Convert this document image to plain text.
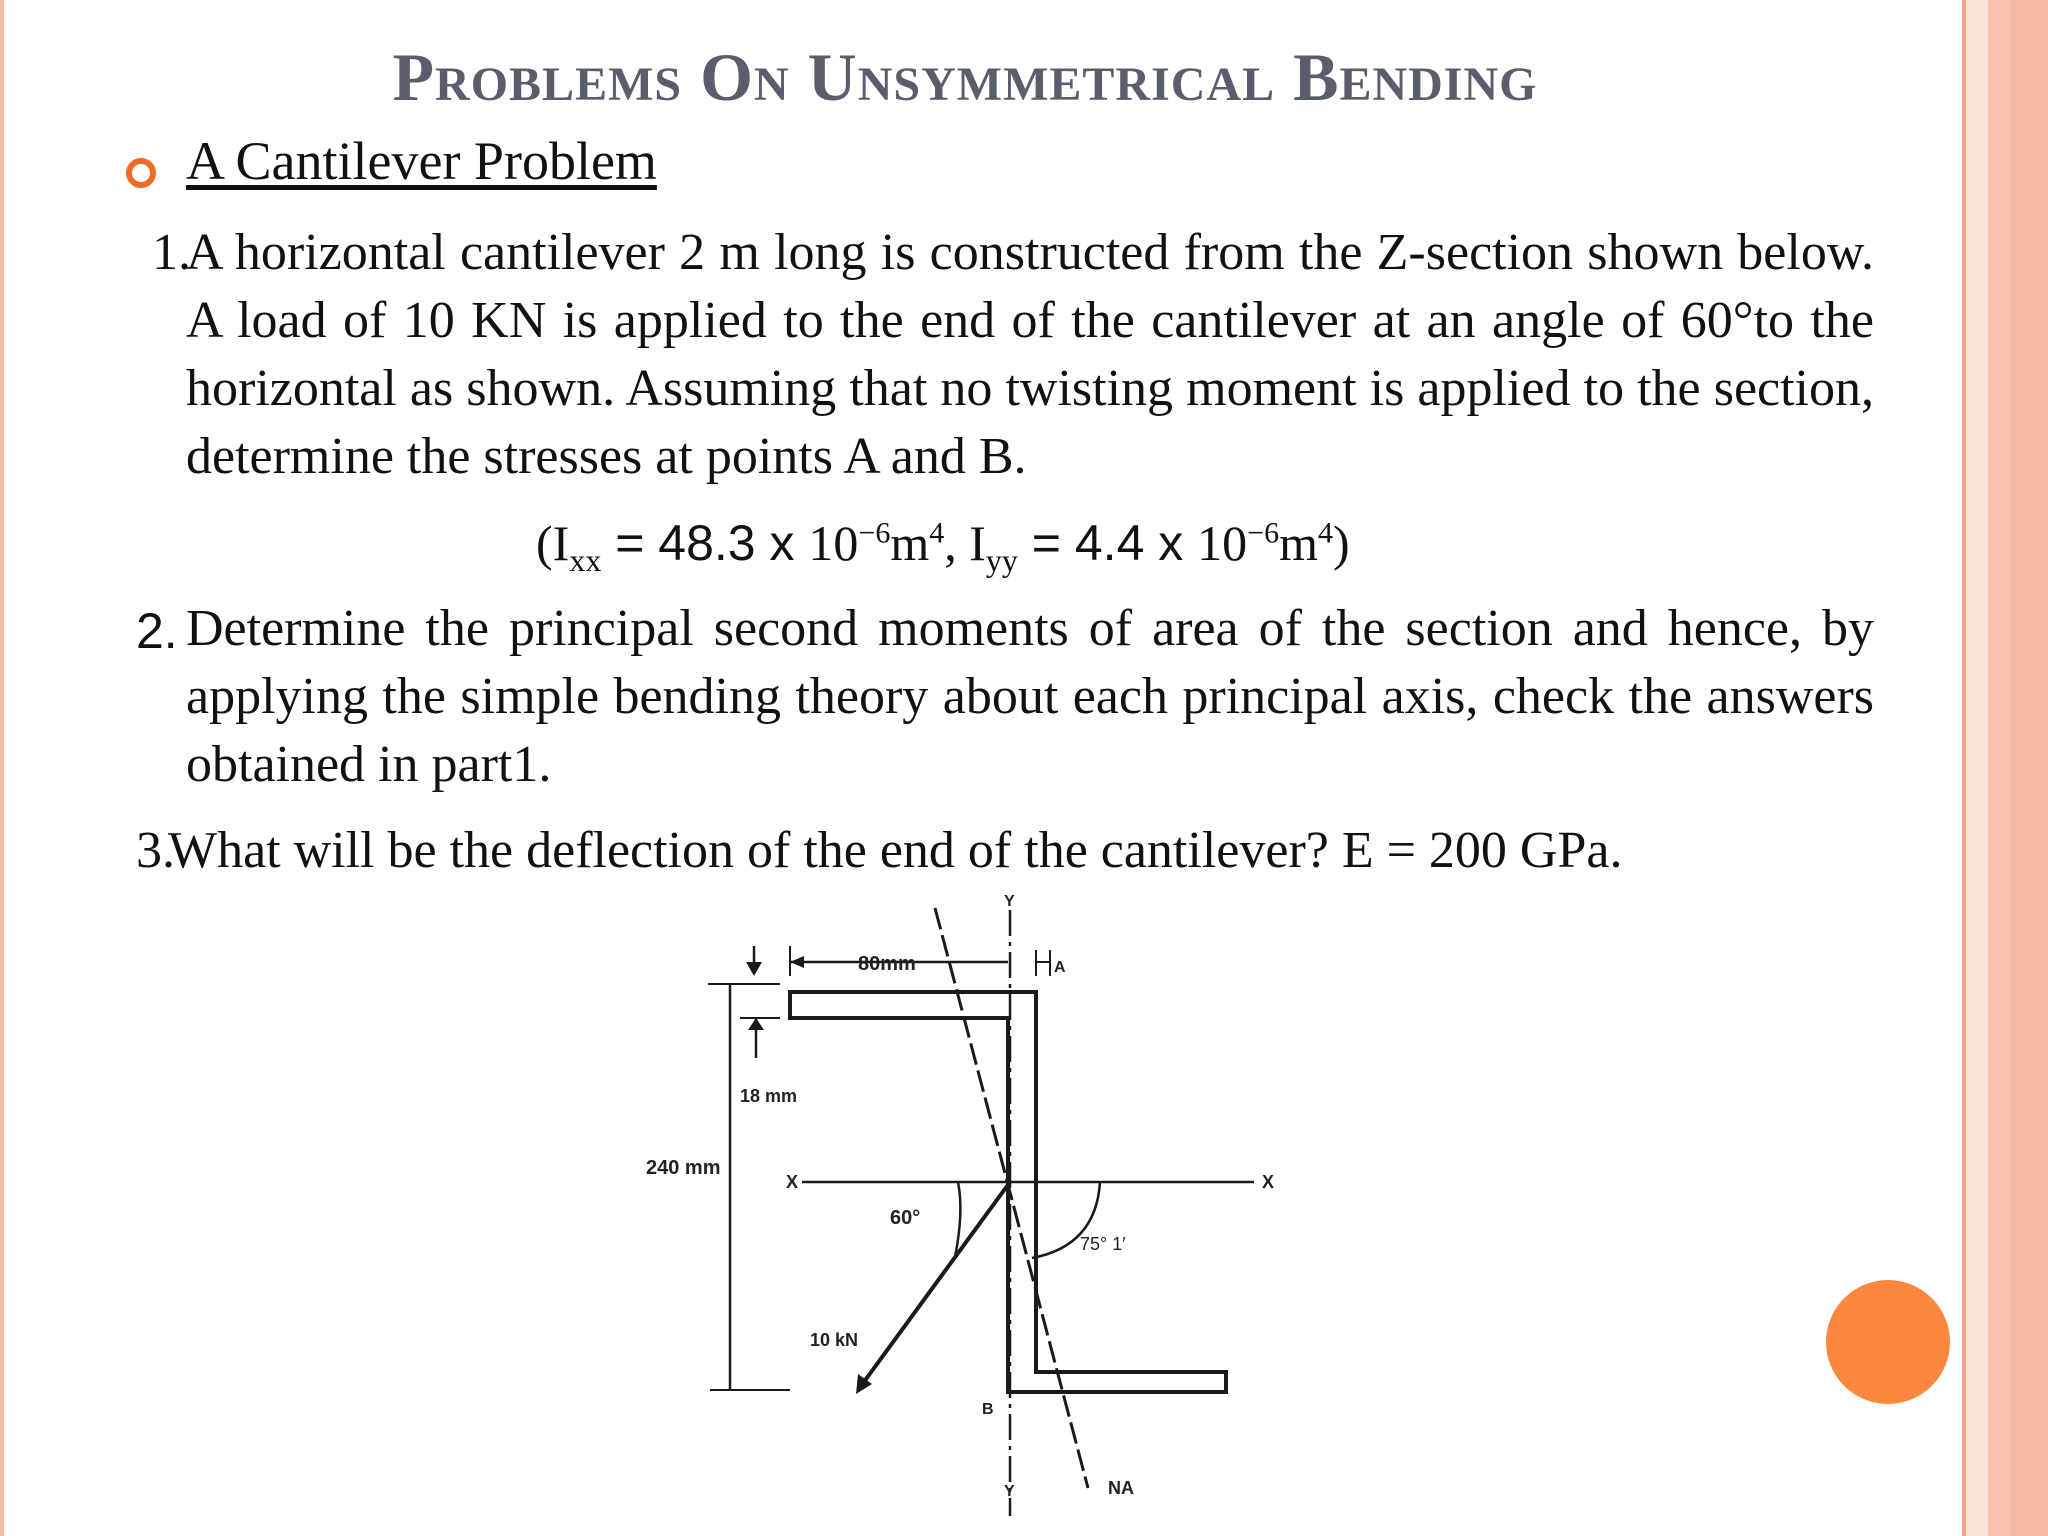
Problems On Unsymmetrical Bending
A Cantilever Problem
1.
A horizontal cantilever 2 m long is constructed from the Z-section shown below. A load of 10 KN is applied to the end of the cantilever at an angle of 60°to the horizontal as shown. Assuming that no twisting moment is applied to the section, determine the stresses at points A and B.
($I_{xx} = 48.3$ x $10^{-6}m^4$, $I_{yy} = 4.4$ x $10^{-6}m^4$)
2. Determine the principal second moments of area of the section and hence, by applying the simple bending theory about each principal axis, check the answers obtained in part1.
3.
What will be the deflection of the end of the cantilever? E = 200 GPa.
80mm
18 mm
240 mm
A
B
Y
Y
X	X
60°
75° 1′
10 kN
NA
